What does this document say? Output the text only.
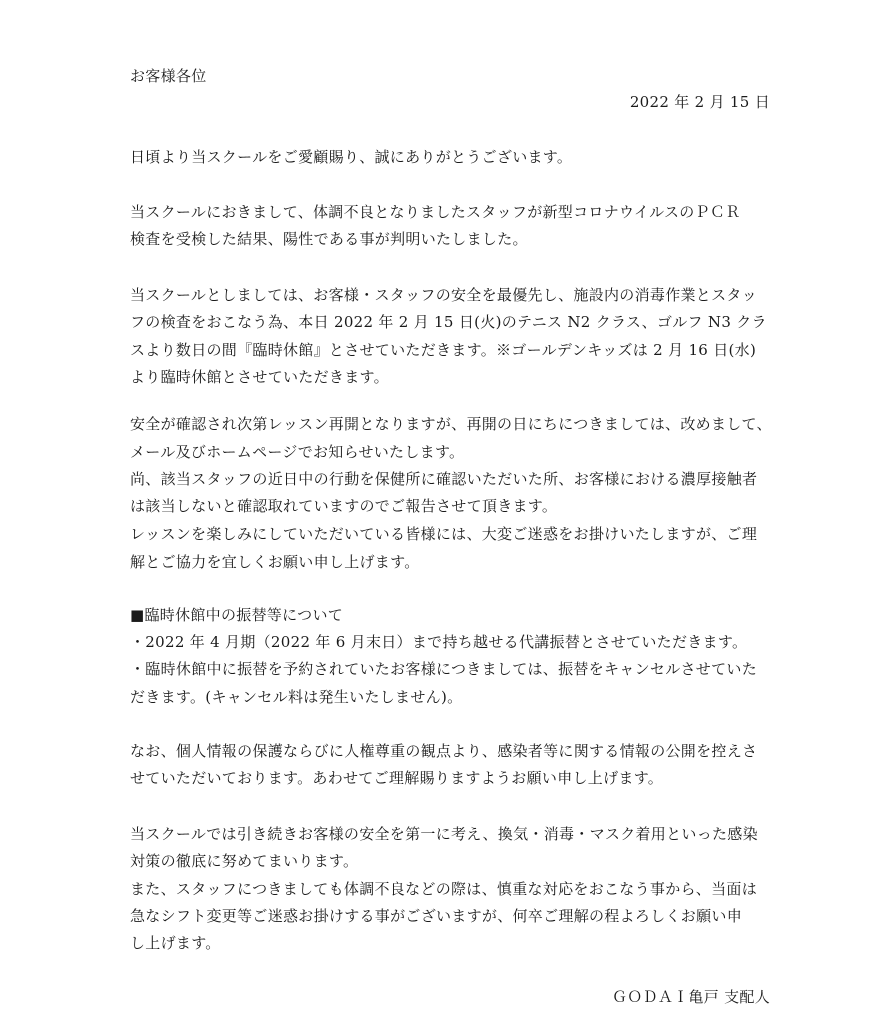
お客様各位
2022 年 2 月 15 日
日頃より当スクールをご愛顧賜り、誠にありがとうございます。
当スクールにおきまして、体調不良となりましたスタッフが新型コロナウイルスのＰＣＲ
検査を受検した結果、陽性である事が判明いたしました。
当スクールとしましては、お客様・スタッフの安全を最優先し、施設内の消毒作業とスタッ
フの検査をおこなう為、本日 2022 年 2 月 15 日(火)のテニス N2 クラス、ゴルフ N3 クラ
スより数日の間『臨時休館』とさせていただきます。※ゴールデンキッズは 2 月 16 日(水)
より臨時休館とさせていただきます。
安全が確認され次第レッスン再開となりますが、再開の日にちにつきましては、改めまして、
メール及びホームページでお知らせいたします。
尚、該当スタッフの近日中の行動を保健所に確認いただいた所、お客様における濃厚接触者
は該当しないと確認取れていますのでご報告させて頂きます。
レッスンを楽しみにしていただいている皆様には、大変ご迷惑をお掛けいたしますが、ご理
解とご協力を宜しくお願い申し上げます。
■臨時休館中の振替等について
・2022 年 4 月期（2022 年 6 月末日）まで持ち越せる代講振替とさせていただきます。
・臨時休館中に振替を予約されていたお客様につきましては、振替をキャンセルさせていた
だきます。(キャンセル料は発生いたしません)。
なお、個人情報の保護ならびに人権尊重の観点より、感染者等に関する情報の公開を控えさ
せていただいております。あわせてご理解賜りますようお願い申し上げます。
当スクールでは引き続きお客様の安全を第一に考え、換気・消毒・マスク着用といった感染
対策の徹底に努めてまいります。
また、スタッフにつきましても体調不良などの際は、慎重な対応をおこなう事から、当面は
急なシフト変更等ご迷惑お掛けする事がございますが、何卒ご理解の程よろしくお願い申
し上げます。
ＧＯＤＡＩ亀戸 支配人
